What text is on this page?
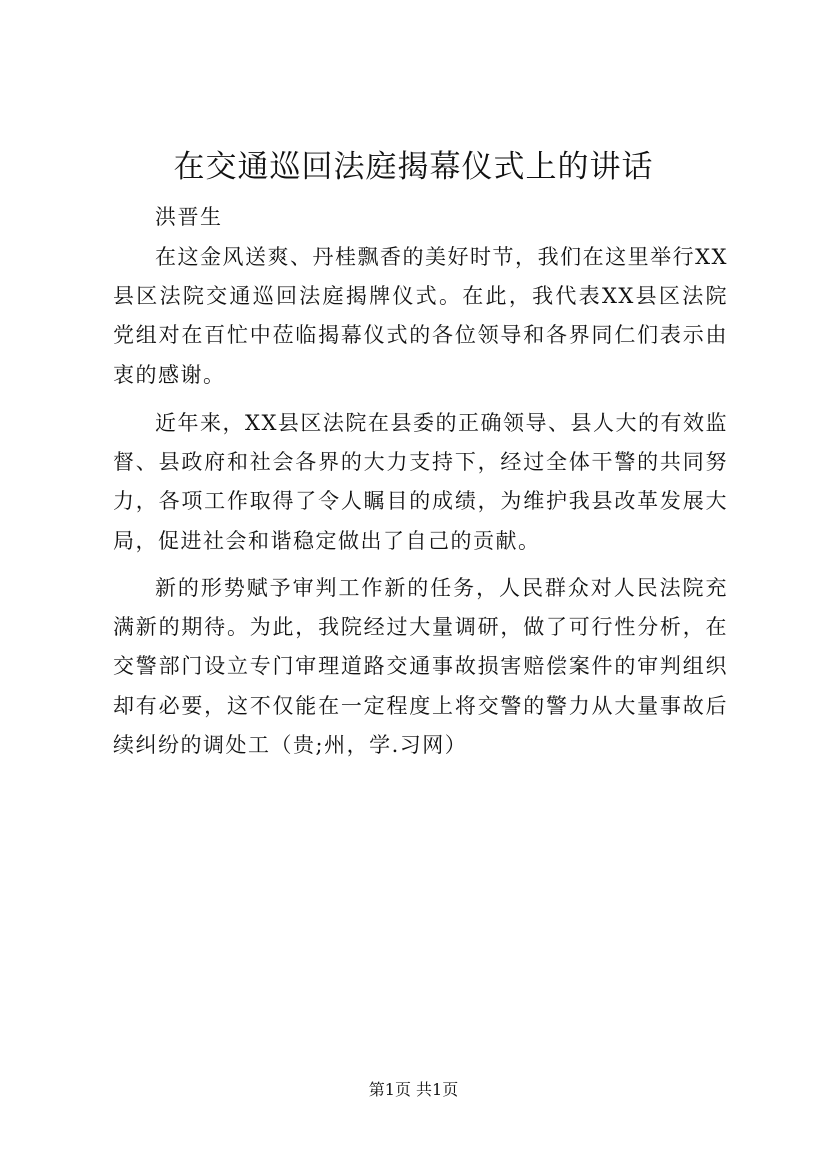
在交通巡回法庭揭幕仪式上的讲话

洪晋生

在这金风送爽、丹桂飘香的美好时节，我们在这里举行XX县区法院交通巡回法庭揭牌仪式。在此，我代表XX县区法院党组对在百忙中莅临揭幕仪式的各位领导和各界同仁们表示由衷的感谢。

近年来，XX县区法院在县委的正确领导、县人大的有效监督、县政府和社会各界的大力支持下，经过全体干警的共同努力，各项工作取得了令人瞩目的成绩，为维护我县改革发展大局，促进社会和谐稳定做出了自己的贡献。

新的形势赋予审判工作新的任务，人民群众对人民法院充满新的期待。为此，我院经过大量调研，做了可行性分析，在交警部门设立专门审理道路交通事故损害赔偿案件的审判组织却有必要，这不仅能在一定程度上将交警的警力从大量事故后续纠纷的调处工（贵;州，学.习网）

第1页 共1页
